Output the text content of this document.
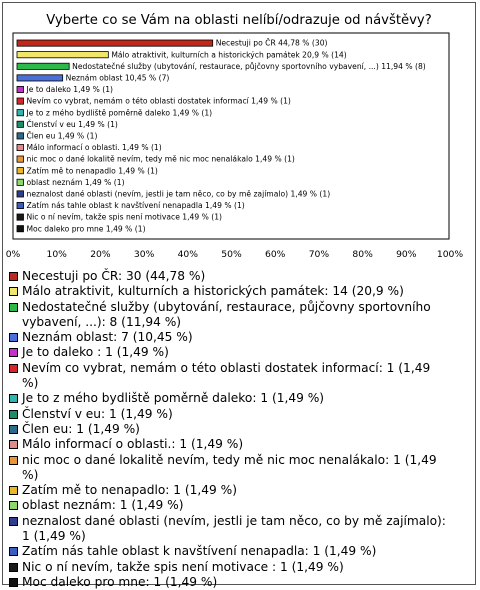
Vyberte co se Vám na oblasti nelíbí/odrazuje od návštěvy?
Necestuji po ČR 44,78 % (30)
Málo atraktivit, kulturních a historických památek 20,9 % (14)
Nedostatečné služby (ubytování, restaurace, půjčovny sportovního vybavení, ...) 11,94 % (8)
Neznám oblast 10,45 % (7)
Je to daleko 1,49 % (1)
Nevím co vybrat, nemám o této oblasti dostatek informací 1,49 % (1)
Je to z mého bydliště poměrně daleko 1,49 % (1)
Členství v eu 1,49 % (1)
Člen eu 1,49 % (1)
Málo informací o oblasti. 1,49 % (1)
nic moc o dané lokalitě nevím, tedy mě nic moc nenalákalo 1,49 % (1)
Zatím mě to nenapadlo 1,49 % (1)
oblast neznám 1,49 % (1)
neznalost dané oblasti (nevím, jestli je tam něco, co by mě zajímalo) 1,49 % (1)
Zatím nás tahle oblast k navštívení nenapadla 1,49 % (1)
Nic o ní nevím, takže spis není motivace 1,49 % (1)
Moc daleko pro mne 1,49 % (1)
0%	10%	20%	30%	40%	50%	60%	70%	80%	90% 100%
Necestuji po ČR: 30 (44,78 %)
Málo atraktivit, kulturních a historických památek: 14 (20,9 %)
Nedostatečné služby (ubytování, restaurace, půjčovny sportovního vybavení, ...): 8 (11,94 %)
Neznám oblast: 7 (10,45 %)
Je to daleko : 1 (1,49 %)
Nevím co vybrat, nemám o této oblasti dostatek informací: 1 (1,49 %)
Je to z mého bydliště poměrně daleko: 1 (1,49 %)
Členství v eu: 1 (1,49 %)
Člen eu: 1 (1,49 %)
Málo informací o oblasti.: 1 (1,49 %)
nic moc o dané lokalitě nevím, tedy mě nic moc nenalákalo: 1 (1,49 %)
Zatím mě to nenapadlo: 1 (1,49 %)
oblast neznám: 1 (1,49 %)
neznalost dané oblasti (nevím, jestli je tam něco, co by mě zajímalo): 1 (1,49 %)
Zatím nás tahle oblast k navštívení nenapadla: 1 (1,49 %)
Nic o ní nevím, takže spis není motivace : 1 (1,49 %)
Moc daleko pro mne: 1 (1,49 %)
